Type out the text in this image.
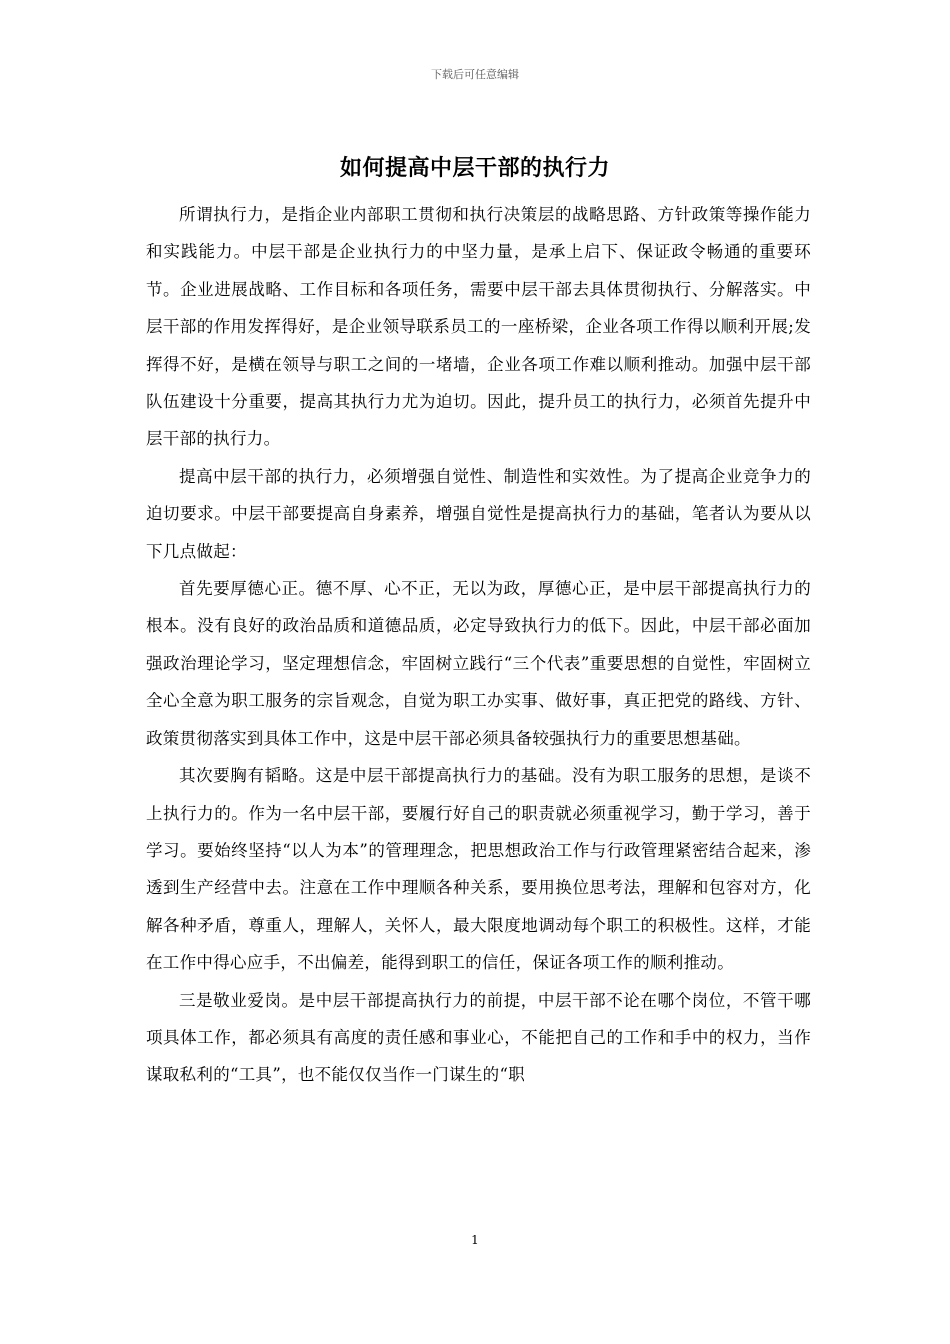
下载后可任意编辑
如何提高中层干部的执行力

所谓执行力，是指企业内部职工贯彻和执行决策层的战略思路、方针政策等操作能力和实践能力。中层干部是企业执行力的中坚力量，是承上启下、保证政令畅通的重要环节。企业进展战略、工作目标和各项任务，需要中层干部去具体贯彻执行、分解落实。中层干部的作用发挥得好，是企业领导联系员工的一座桥梁，企业各项工作得以顺利开展;发挥得不好，是横在领导与职工之间的一堵墙，企业各项工作难以顺利推动。加强中层干部队伍建设十分重要，提高其执行力尤为迫切。因此，提升员工的执行力，必须首先提升中层干部的执行力。

提高中层干部的执行力，必须增强自觉性、制造性和实效性。为了提高企业竞争力的迫切要求。中层干部要提高自身素养，增强自觉性是提高执行力的基础，笔者认为要从以下几点做起：

首先要厚德心正。德不厚、心不正，无以为政，厚德心正，是中层干部提高执行力的根本。没有良好的政治品质和道德品质，必定导致执行力的低下。因此，中层干部必面加强政治理论学习，坚定理想信念，牢固树立践行“三个代表”重要思想的自觉性，牢固树立全心全意为职工服务的宗旨观念，自觉为职工办实事、做好事，真正把党的路线、方针、政策贯彻落实到具体工作中，这是中层干部必须具备较强执行力的重要思想基础。

其次要胸有韬略。这是中层干部提高执行力的基础。没有为职工服务的思想，是谈不上执行力的。作为一名中层干部，要履行好自己的职责就必须重视学习，勤于学习，善于学习。要始终坚持“以人为本”的管理理念，把思想政治工作与行政管理紧密结合起来，渗透到生产经营中去。注意在工作中理顺各种关系，要用换位思考法，理解和包容对方，化解各种矛盾，尊重人，理解人，关怀人，最大限度地调动每个职工的积极性。这样，才能在工作中得心应手，不出偏差，能得到职工的信任，保证各项工作的顺利推动。

三是敬业爱岗。是中层干部提高执行力的前提，中层干部不论在哪个岗位，不管干哪项具体工作，都必须具有高度的责任感和事业心，不能把自己的工作和手中的权力，当作谋取私利的“工具”，也不能仅仅当作一门谋生的“职

1
